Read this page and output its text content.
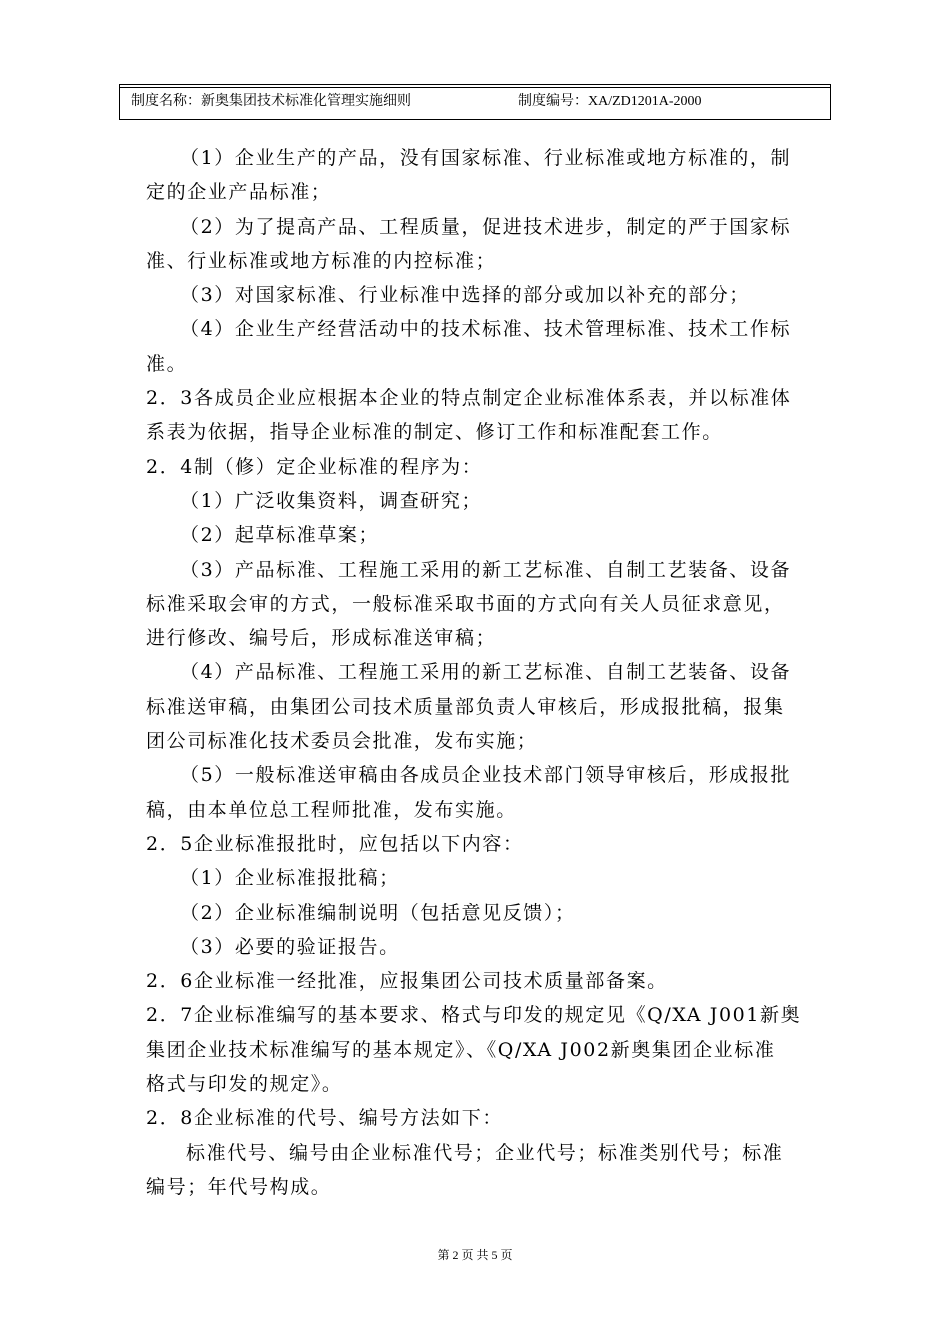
制度名称：新奥集团技术标准化管理实施细则	制度编号：XA/ZD1201A-2000

（1）企业生产的产品，没有国家标准、行业标准或地方标准的，制

定的企业产品标准；

（2）为了提高产品、工程质量，促进技术进步，制定的严于国家标

准、行业标准或地方标准的内控标准；

（3）对国家标准、行业标准中选择的部分或加以补充的部分；

（4）企业生产经营活动中的技术标准、技术管理标准、技术工作标

准。

2．3各成员企业应根据本企业的特点制定企业标准体系表，并以标准体

系表为依据，指导企业标准的制定、修订工作和标准配套工作。

2．4制（修）定企业标准的程序为：

（1）广泛收集资料，调查研究；

（2）起草标准草案；

（3）产品标准、工程施工采用的新工艺标准、自制工艺装备、设备

标准采取会审的方式，一般标准采取书面的方式向有关人员征求意见，

进行修改、编号后，形成标准送审稿；

（4）产品标准、工程施工采用的新工艺标准、自制工艺装备、设备

标准送审稿，由集团公司技术质量部负责人审核后，形成报批稿，报集

团公司标准化技术委员会批准，发布实施；

（5）一般标准送审稿由各成员企业技术部门领导审核后，形成报批

稿，由本单位总工程师批准，发布实施。

2．5企业标准报批时，应包括以下内容：

（1）企业标准报批稿；

（2）企业标准编制说明（包括意见反馈）；

（3）必要的验证报告。

2．6企业标准一经批准，应报集团公司技术质量部备案。

2．7企业标准编写的基本要求、格式与印发的规定见《Q/XA J001新奥

集团企业技术标准编写的基本规定》、《Q/XA J002新奥集团企业标准

格式与印发的规定》。

2．8企业标准的代号、编号方法如下：

标准代号、编号由企业标准代号；企业代号；标准类别代号；标准

编号；年代号构成。

第 2 页 共 5 页
